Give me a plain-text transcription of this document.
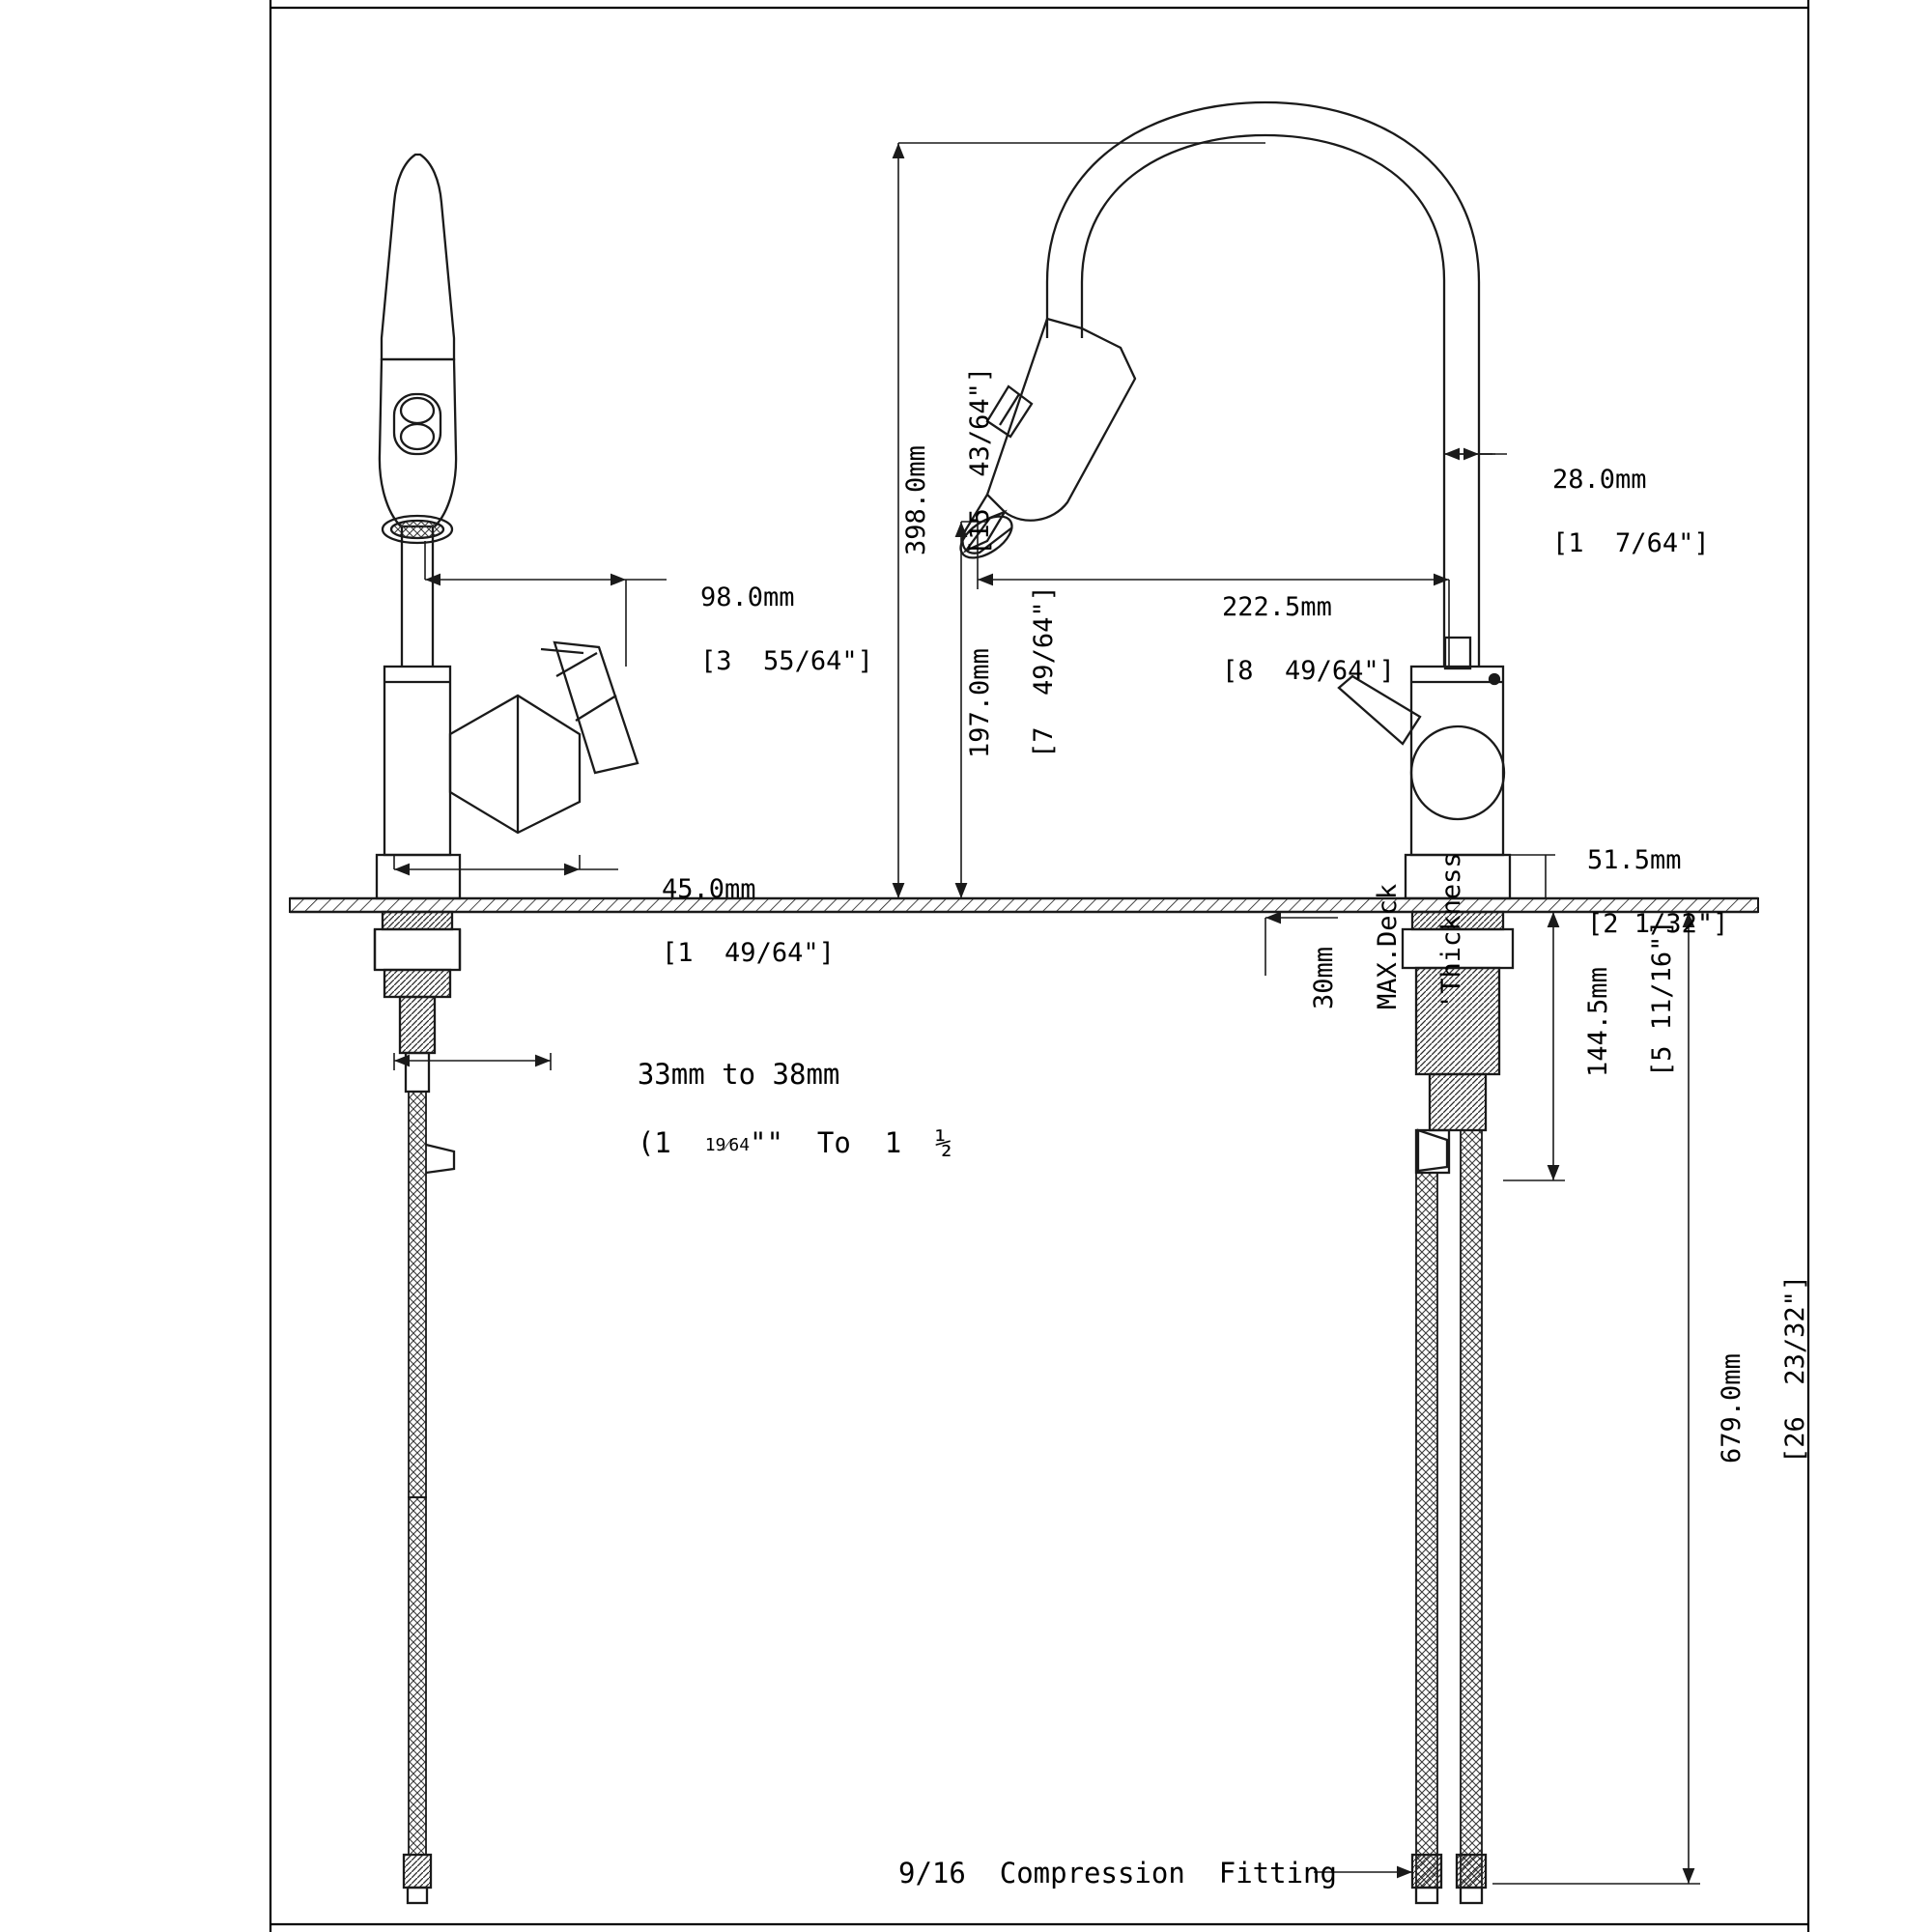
98.0mm

[3  55/64"]

45.0mm

[1  49/64"]

33mm to 38mm

(1  19⁄64""  To  1  ½

398.0mm [15  43/64"]

197.0mm [7  49/64"]
	222.5mm

[8  49/64"]

28.0mm

[1  7/64"]

51.5mm

[2 1/32"]

30mm MAX.Deck 'Thickness

144.5mm [5 11/16"]

679.0mm [26  23/32"]

9/16  Compression  Fitting
